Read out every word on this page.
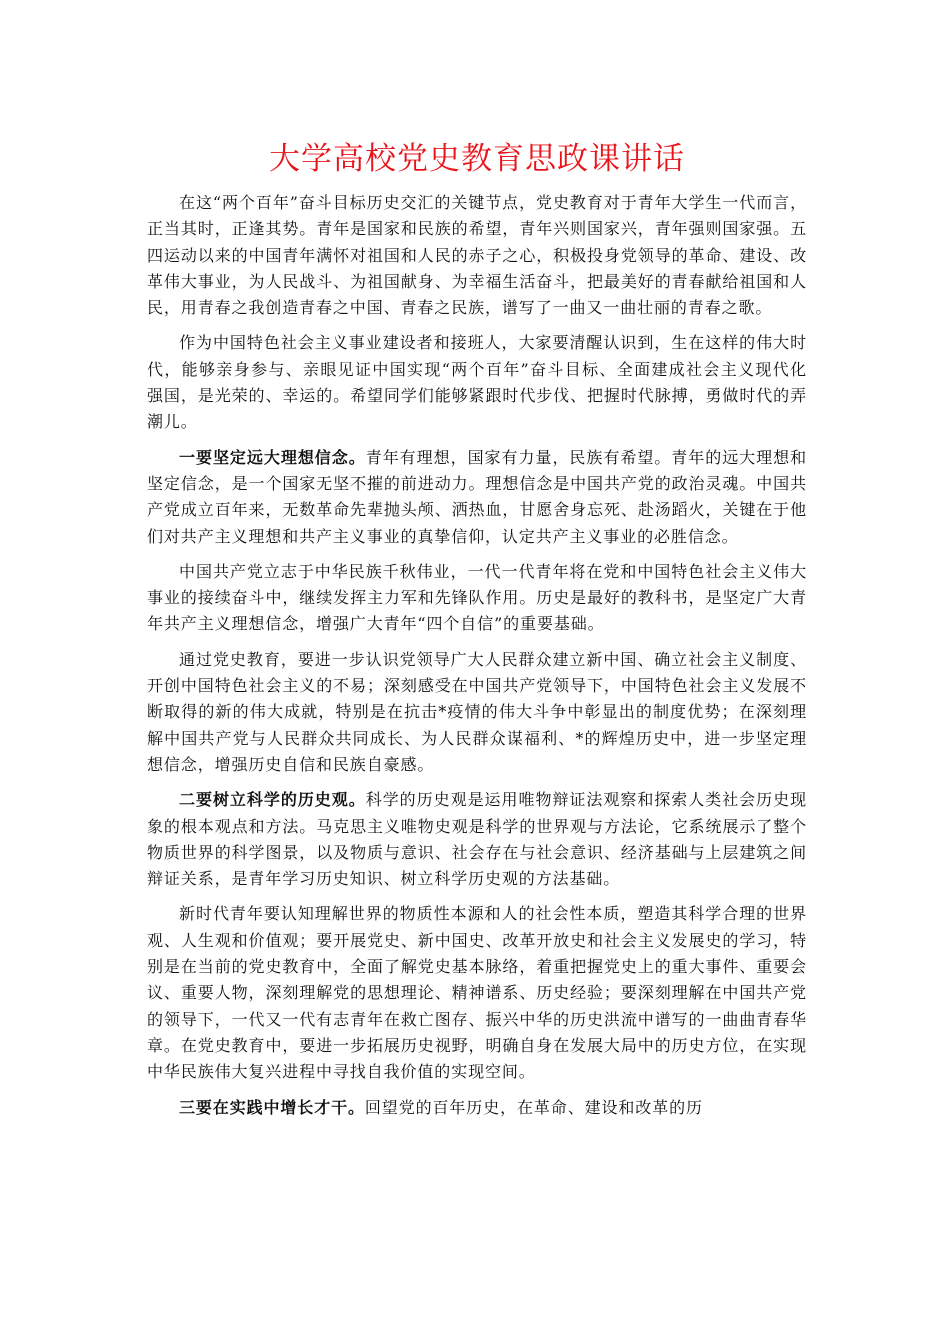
大学高校党史教育思政课讲话

在这“两个百年”奋斗目标历史交汇的关键节点，党史教育对于青年大学生一代而言，正当其时，正逢其势。青年是国家和民族的希望，青年兴则国家兴，青年强则国家强。五四运动以来的中国青年满怀对祖国和人民的赤子之心，积极投身党领导的革命、建设、改革伟大事业，为人民战斗、为祖国献身、为幸福生活奋斗，把最美好的青春献给祖国和人民，用青春之我创造青春之中国、青春之民族，谱写了一曲又一曲壮丽的青春之歌。

作为中国特色社会主义事业建设者和接班人，大家要清醒认识到，生在这样的伟大时代，能够亲身参与、亲眼见证中国实现“两个百年”奋斗目标、全面建成社会主义现代化强国，是光荣的、幸运的。希望同学们能够紧跟时代步伐、把握时代脉搏，勇做时代的弄潮儿。

一要坚定远大理想信念。青年有理想，国家有力量，民族有希望。青年的远大理想和坚定信念，是一个国家无坚不摧的前进动力。理想信念是中国共产党的政治灵魂。中国共产党成立百年来，无数革命先辈抛头颅、洒热血，甘愿舍身忘死、赴汤蹈火，关键在于他们对共产主义理想和共产主义事业的真挚信仰，认定共产主义事业的必胜信念。

中国共产党立志于中华民族千秋伟业，一代一代青年将在党和中国特色社会主义伟大事业的接续奋斗中，继续发挥主力军和先锋队作用。历史是最好的教科书，是坚定广大青年共产主义理想信念，增强广大青年“四个自信”的重要基础。

通过党史教育，要进一步认识党领导广大人民群众建立新中国、确立社会主义制度、开创中国特色社会主义的不易；深刻感受在中国共产党领导下，中国特色社会主义发展不断取得的新的伟大成就，特别是在抗击*疫情的伟大斗争中彰显出的制度优势；在深刻理解中国共产党与人民群众共同成长、为人民群众谋福利、*的辉煌历史中，进一步坚定理想信念，增强历史自信和民族自豪感。

二要树立科学的历史观。科学的历史观是运用唯物辩证法观察和探索人类社会历史现象的根本观点和方法。马克思主义唯物史观是科学的世界观与方法论，它系统展示了整个物质世界的科学图景，以及物质与意识、社会存在与社会意识、经济基础与上层建筑之间辩证关系，是青年学习历史知识、树立科学历史观的方法基础。

新时代青年要认知理解世界的物质性本源和人的社会性本质，塑造其科学合理的世界观、人生观和价值观；要开展党史、新中国史、改革开放史和社会主义发展史的学习，特别是在当前的党史教育中，全面了解党史基本脉络，着重把握党史上的重大事件、重要会议、重要人物，深刻理解党的思想理论、精神谱系、历史经验；要深刻理解在中国共产党的领导下，一代又一代有志青年在救亡图存、振兴中华的历史洪流中谱写的一曲曲青春华章。在党史教育中，要进一步拓展历史视野，明确自身在发展大局中的历史方位，在实现中华民族伟大复兴进程中寻找自我价值的实现空间。

三要在实践中增长才干。回望党的百年历史，在革命、建设和改革的历
